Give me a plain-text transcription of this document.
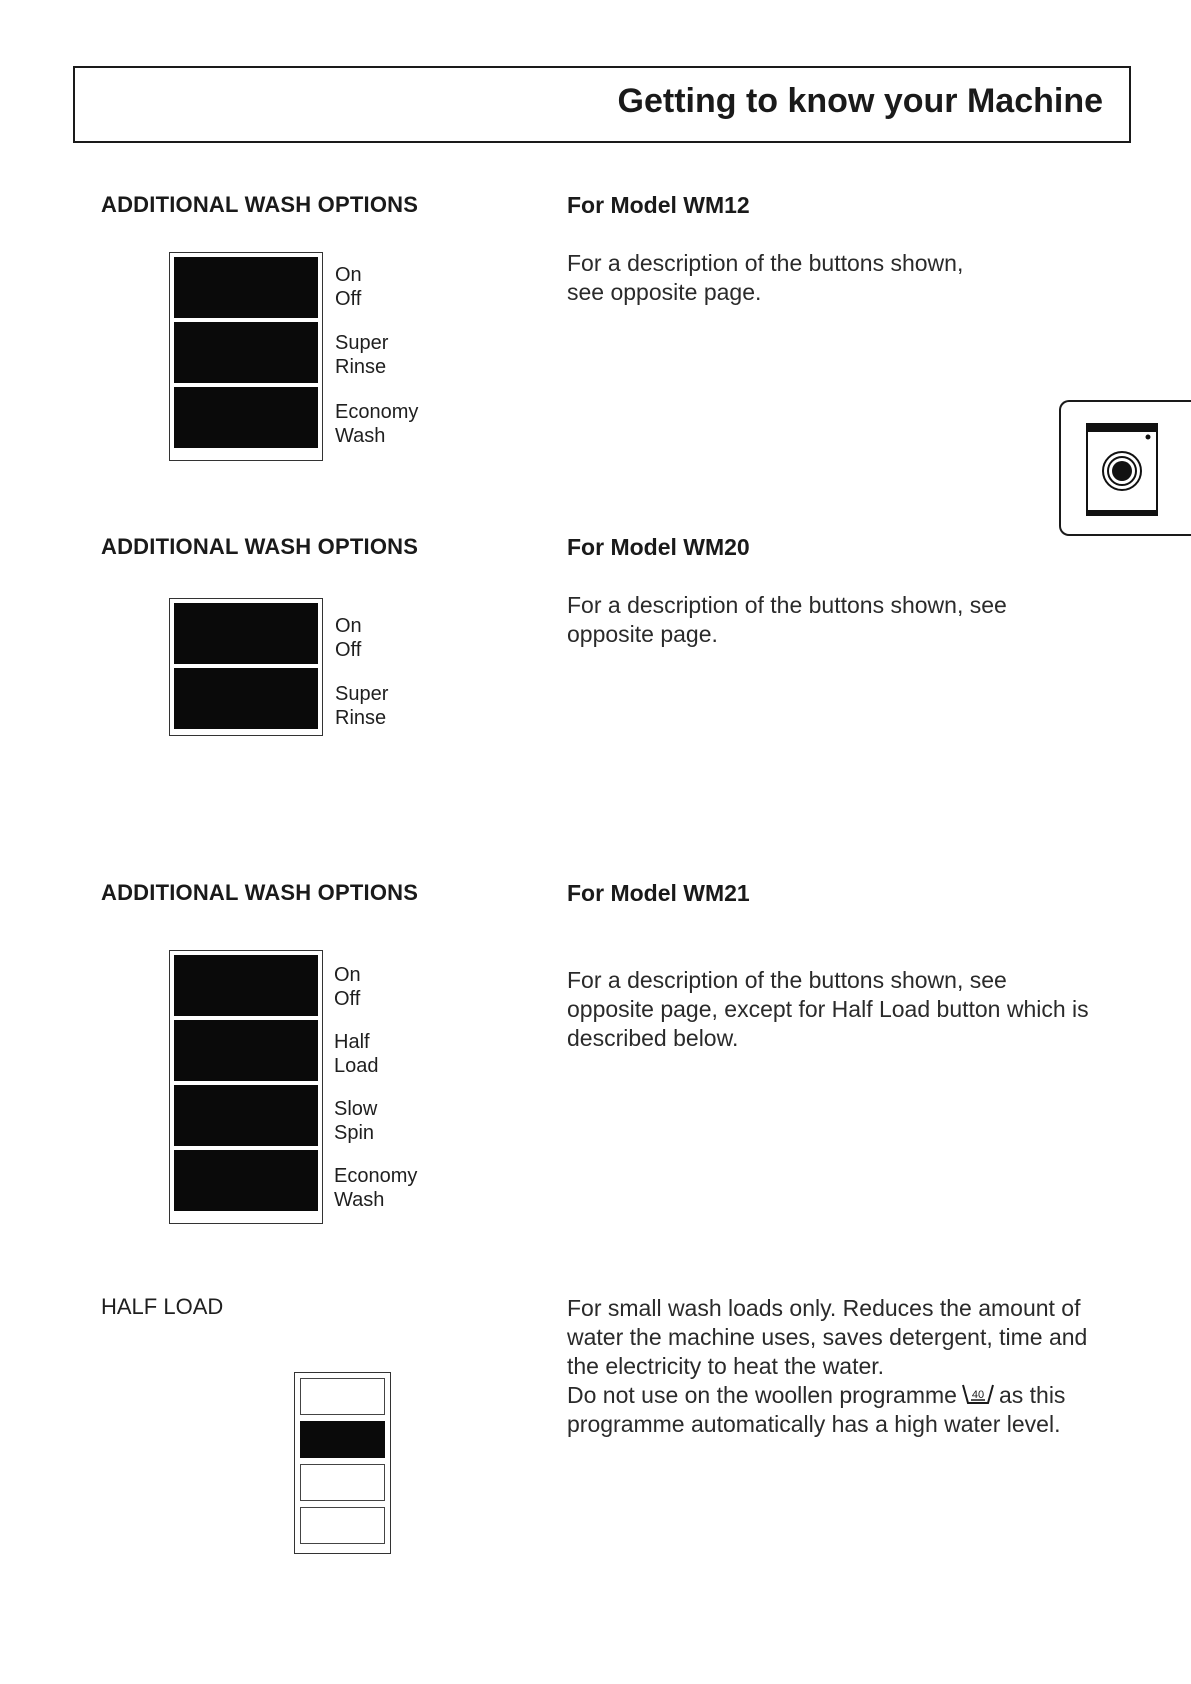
Getting to know your Machine
ADDITIONAL WASH OPTIONS	For Model WM12
For a description of the buttons shown,
see opposite page.
On
Off
Super
Rinse
Economy
Wash
ADDITIONAL WASH OPTIONS	For Model WM20
For a description of the buttons shown, see
opposite page.
On
Off
Super
Rinse
ADDITIONAL WASH OPTIONS	For Model WM21
For a description of the buttons shown, see
opposite page, except for Half Load button which is
described below.
On
Off
Half
Load
Slow
Spin
Economy
Wash
HALF LOAD	For small wash loads only. Reduces the amount of
water the machine uses, saves detergent, time and
the electricity to heat the water.
Do not use on the woollen programme 40 as this
programme automatically has a high water level.
